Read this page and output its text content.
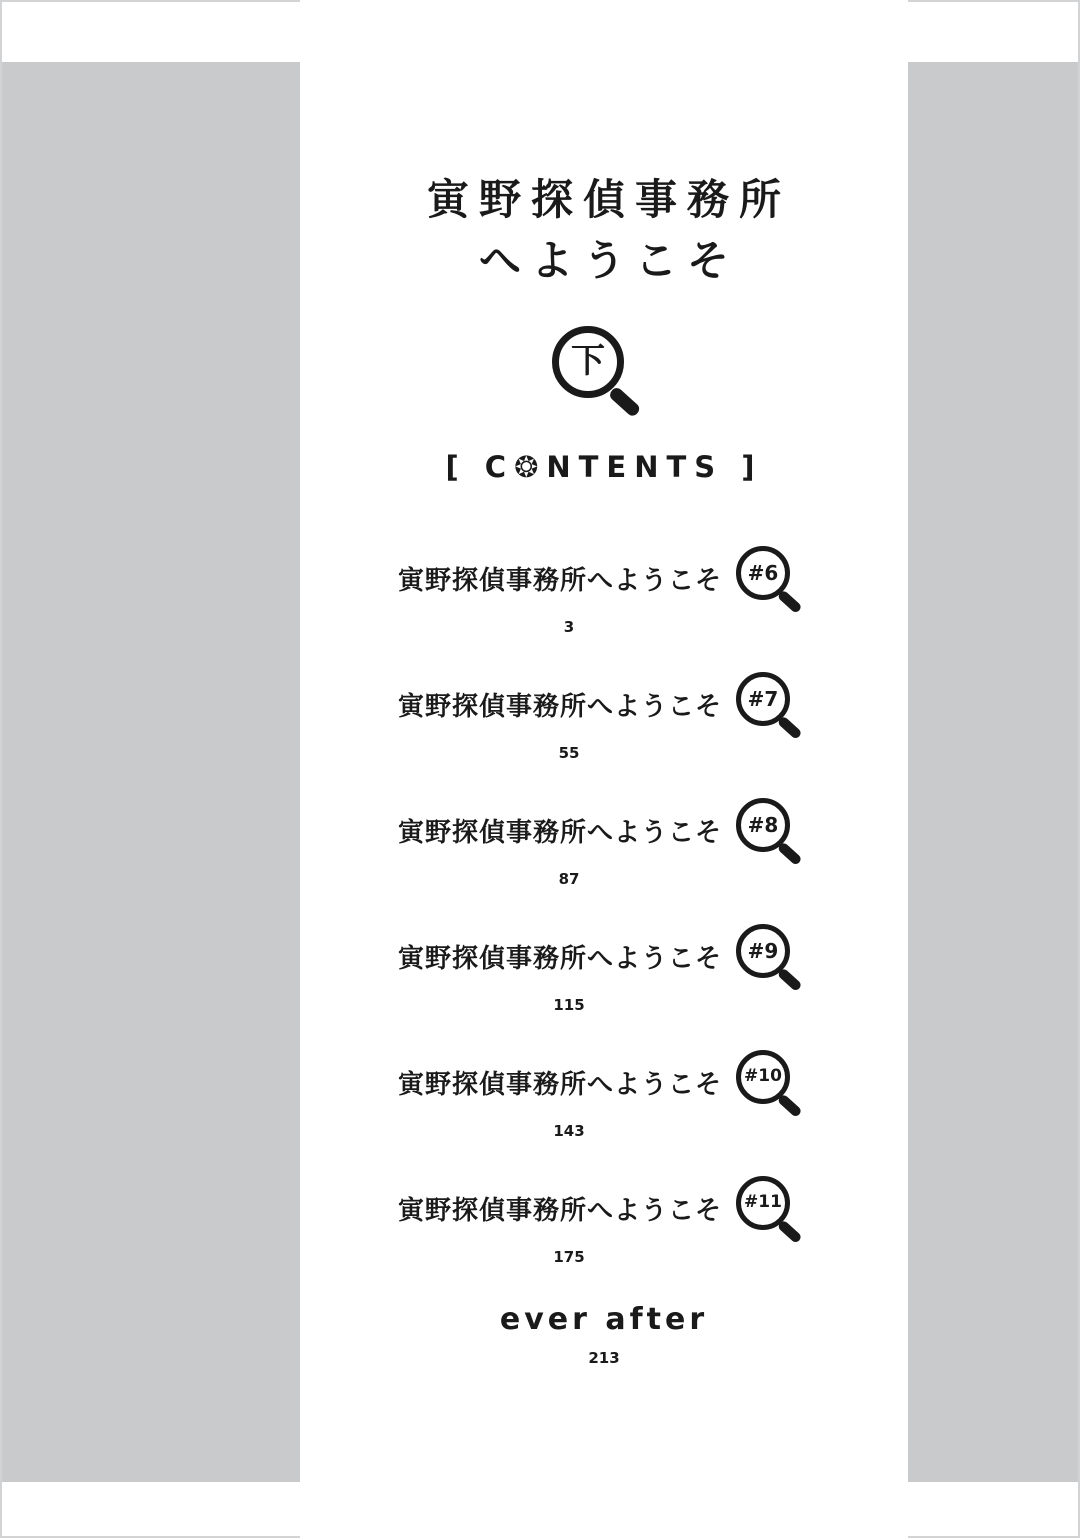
寅野探偵事務所
へようこそ
下
[ C❂NTENTS ]
寅野探偵事務所へようこそ #6
3
寅野探偵事務所へようこそ #7
55
寅野探偵事務所へようこそ #8
87
寅野探偵事務所へようこそ #9
115
寅野探偵事務所へようこそ #10
143
寅野探偵事務所へようこそ #11
175
ever after
213
